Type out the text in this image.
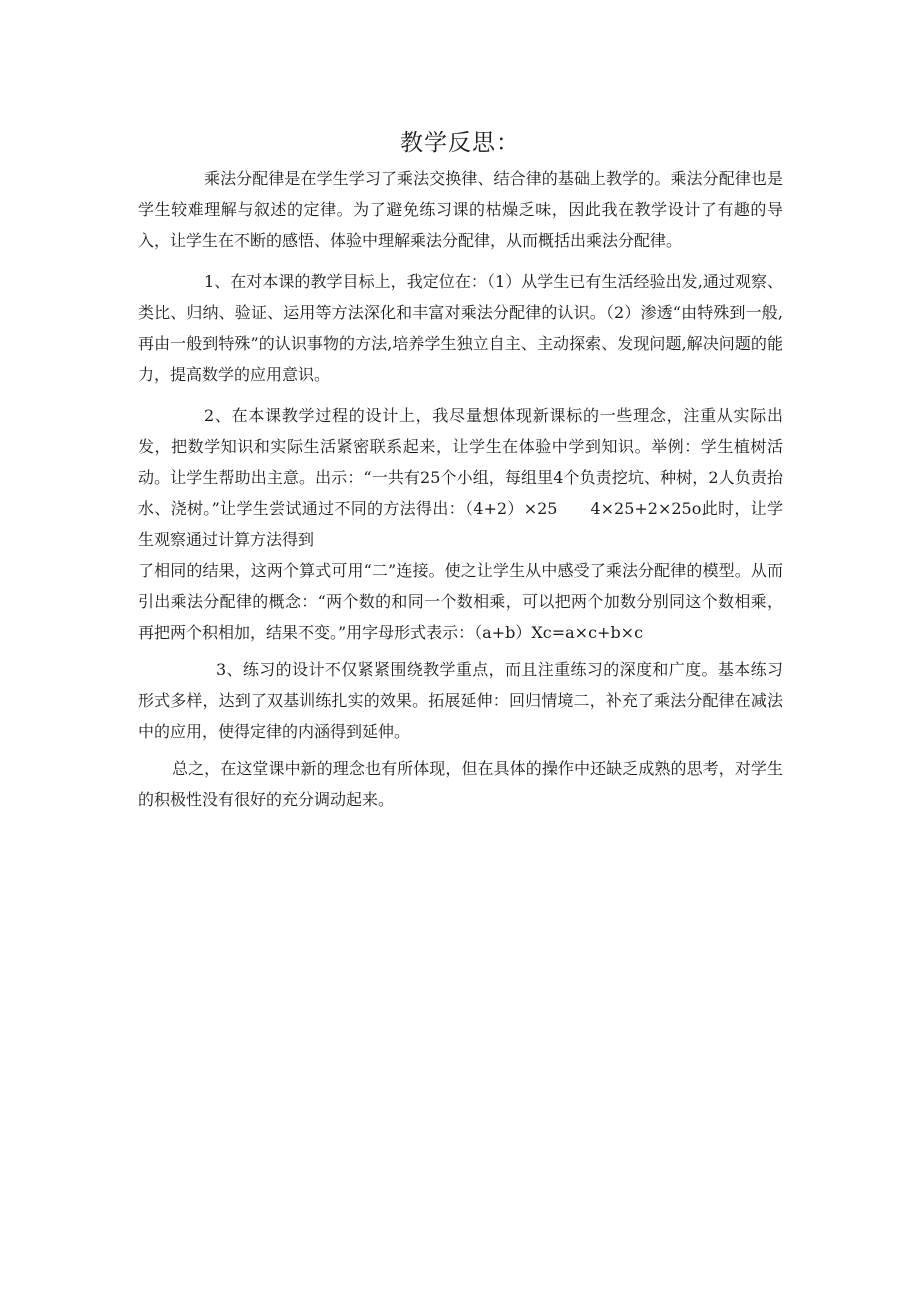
教学反思：

乘法分配律是在学生学习了乘法交换律、结合律的基础上教学的。乘法分配律也是学生较难理解与叙述的定律。为了避免练习课的枯燥乏味，因此我在教学设计了有趣的导入，让学生在不断的感悟、体验中理解乘法分配律，从而概括出乘法分配律。

1、在对本课的教学目标上，我定位在：（1）从学生已有生活经验出发,通过观察、类比、归纳、验证、运用等方法深化和丰富对乘法分配律的认识。（2）渗透“由特殊到一般,再由一般到特殊”的认识事物的方法,培养学生独立自主、主动探索、发现问题,解决问题的能力，提高数学的应用意识。

2、在本课教学过程的设计上，我尽量想体现新课标的一些理念，注重从实际出发，把数学知识和实际生活紧密联系起来，让学生在体验中学到知识。举例：学生植树活动。让学生帮助出主意。出示：“一共有25个小组，每组里4个负责挖坑、种树，2人负责抬水、浇树。”让学生尝试通过不同的方法得出：（4+2）×25　　4×25+2×25o此时，让学生观察通过计算方法得到

了相同的结果，这两个算式可用“二”连接。使之让学生从中感受了乘法分配律的模型。从而引出乘法分配律的概念：“两个数的和同一个数相乘，可以把两个加数分别同这个数相乘，再把两个积相加，结果不变。”用字母形式表示：（a+b）Xc=a×c+b×c

3、练习的设计不仅紧紧围绕教学重点，而且注重练习的深度和广度。基本练习形式多样，达到了双基训练扎实的效果。拓展延伸：回归情境二，补充了乘法分配律在减法中的应用，使得定律的内涵得到延伸。

总之，在这堂课中新的理念也有所体现，但在具体的操作中还缺乏成熟的思考，对学生的积极性没有很好的充分调动起来。
